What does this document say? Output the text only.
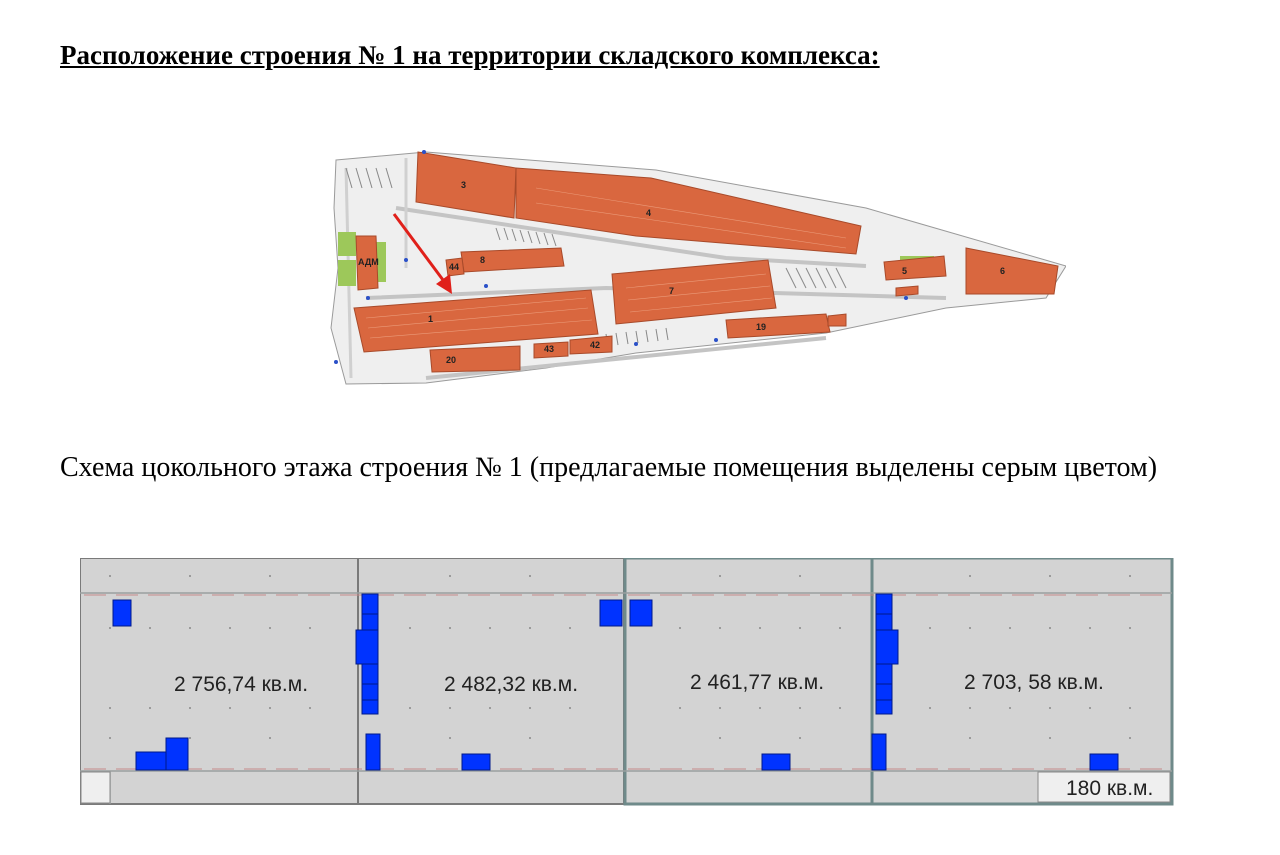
Расположение строения № 1 на территории складского комплекса:
3
4
8
44
АДМ
1
7
5	6
19
20
43	42
Схема цокольного этажа строения № 1 (предлагаемые помещения выделены серым цветом)
180 кв.м.
2 756,74 кв.м.	2 482,32 кв.м.	2 461,77 кв.м.	2 703, 58 кв.м.
